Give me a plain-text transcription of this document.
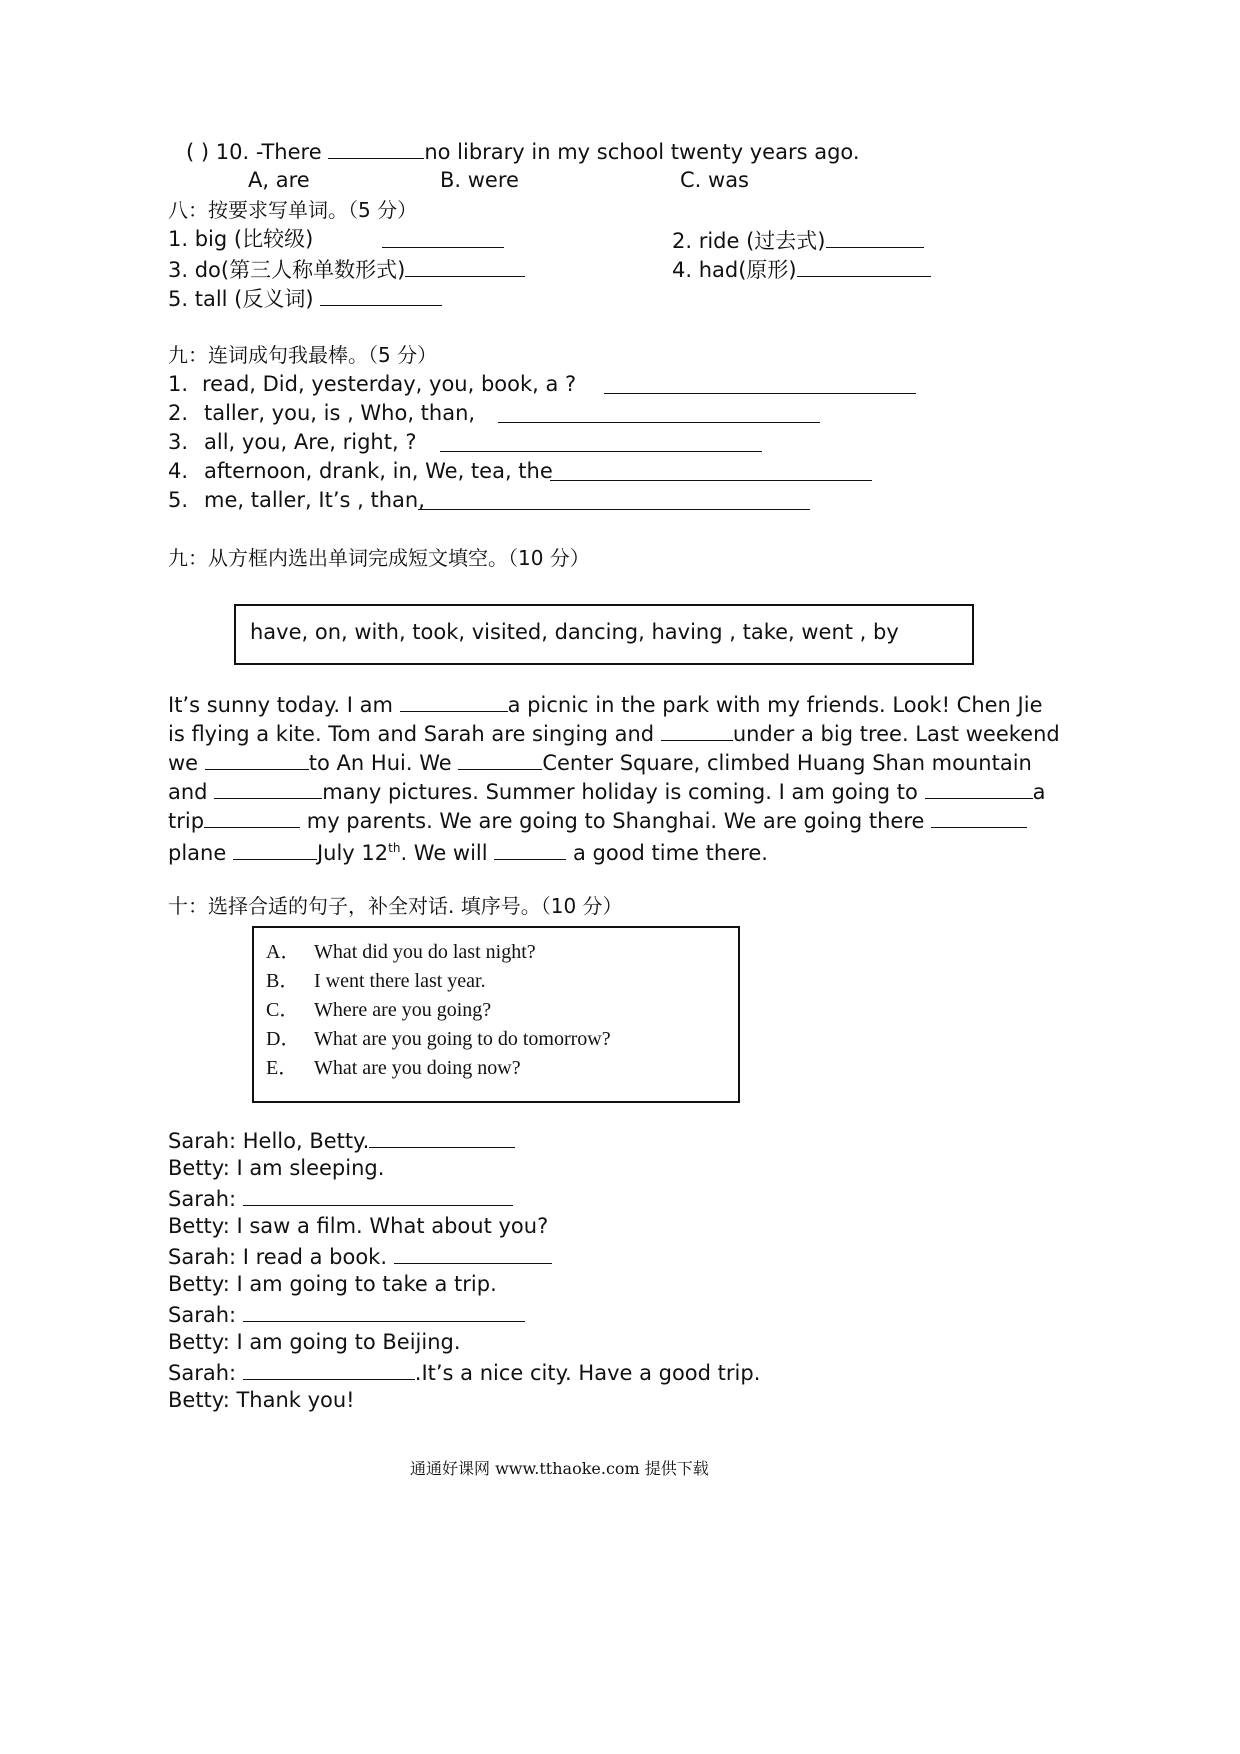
( ) 10. -There	no library in my school twenty years ago.
A, are	B. were	C. was
八：按要求写单词。（5 分）
1. big (比较级)	2. ride (过去式)
3. do(第三人称单数形式)	4. had(原形)
5. tall (反义词)
九：连词成句我最棒。（5 分）
1. read, Did, yesterday, you, book, a ?
2. taller, you, is , Who, than,
3. all, you, Are, right, ?
4. afternoon, drank, in, We, tea, the
5. me, taller, It’s , than,
九：从方框内选出单词完成短文填空。（10 分）
have, on, with, took, visited, dancing, having , take, went , by
It’s sunny today. I am	a picnic in the park with my friends. Look! Chen Jie
is flying a kite. Tom and Sarah are singing and	under a big tree. Last weekend
we	to An Hui. We	Center Square, climbed Huang Shan mountain
and	many pictures. Summer holiday is coming. I am going to	a
trip	my parents. We are going to Shanghai. We are going there
plane	July 12th. We will	a good time there.
十：选择合适的句子，补全对话. 填序号。（10 分）
A． What did you do last night?
B． I went there last year.
C． Where are you going?
D． What are you going to do tomorrow?
E． What are you doing now?
Sarah: Hello, Betty.
Betty: I am sleeping.
Sarah:
Betty: I saw a film. What about you?
Sarah: I read a book.
Betty: I am going to take a trip.
Sarah:
Betty: I am going to Beijing.
Sarah:	.It’s a nice city. Have a good trip.
Betty: Thank you!
通通好课网 www.tthaoke.com 提供下载
